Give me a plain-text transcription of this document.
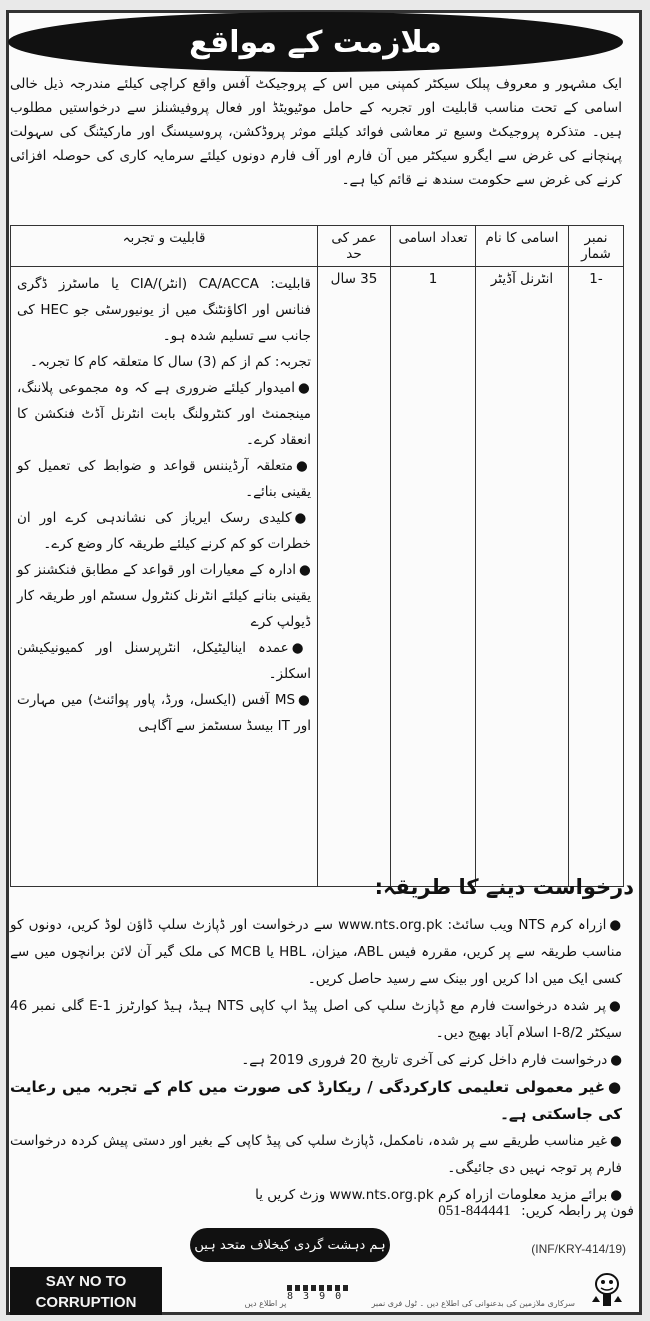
ملازمت کے مواقع
ایک مشہور و معروف پبلک سیکٹر کمپنی میں اس کے پروجیکٹ آفس واقع کراچی کیلئے مندرجہ ذیل خالی اسامی کے تحت مناسب قابلیت اور تجربہ کے حامل موٹیویٹڈ اور فعال پروفیشنلز سے درخواستیں مطلوب ہیں۔ متذکرہ پروجیکٹ وسیع تر معاشی فوائد کیلئے موثر پروڈکشن، پروسیسنگ اور مارکیٹنگ کی سہولت پہنچانے کی غرض سے ایگرو سیکٹر میں آن فارم اور آف فارم دونوں کیلئے سرمایہ کاری کی حوصلہ افزائی کرنے کی غرض سے حکومت سندھ نے قائم کیا ہے۔
نمبر شمار	اسامی کا نام	تعداد اسامی	عمر کی حد	قابلیت و تجربہ
-1	انٹرنل آڈیٹر	1	35 سال	

قابلیت: CA/ACCA (انٹر)/CIA یا ماسٹرز ڈگری فنانس اور اکاؤنٹنگ میں از یونیورسٹی جو HEC کی جانب سے تسلیم شدہ ہو۔

تجربہ: کم از کم (3) سال کا متعلقہ کام کا تجربہ۔

● امیدوار کیلئے ضروری ہے کہ وہ مجموعی پلاننگ، مینجمنٹ اور کنٹرولنگ بابت انٹرنل آڈٹ فنکشن کا انعقاد کرے۔

● متعلقہ آرڈیننس قواعد و ضوابط کی تعمیل کو یقینی بنائے۔

● کلیدی رسک ایریاز کی نشاندہی کرے اور ان خطرات کو کم کرنے کیلئے طریقہ کار وضع کرے۔

● ادارہ کے معیارات اور قواعد کے مطابق فنکشنز کو یقینی بنانے کیلئے انٹرنل کنٹرول سسٹم اور طریقہ کار ڈیولپ کرے

● عمدہ اینالیٹیکل، انٹرپرسنل اور کمیونیکیشن اسکلز۔

● MS آفس (ایکسل، ورڈ، پاور پوائنٹ) میں مہارت اور IT بیسڈ سسٹمز سے آگاہی

درخواست دینے کا طریقہ:

● ازراہ کرم NTS ویب سائٹ: www.nts.org.pk سے درخواست اور ڈپازٹ سلپ ڈاؤن لوڈ کریں، دونوں کو مناسب طریقہ سے پر کریں، مقررہ فیس ABL، میزان، HBL یا MCB کی ملک گیر آن لائن برانچوں میں سے کسی ایک میں ادا کریں اور بینک سے رسید حاصل کریں۔

● پر شدہ درخواست فارم مع ڈپازٹ سلپ کی اصل پیڈ اپ کاپی NTS ہیڈ، ہیڈ کوارٹرز E-1 گلی نمبر 46 سیکٹر I-8/2 اسلام آباد بھیج دیں۔

● درخواست فارم داخل کرنے کی آخری تاریخ 20 فروری 2019 ہے۔

● غیر معمولی تعلیمی کارکردگی / ریکارڈ کی صورت میں کام کے تجربہ میں رعایت کی جاسکتی ہے۔

● غیر مناسب طریقے سے پر شدہ، نامکمل، ڈپازٹ سلپ کی پیڈ کاپی کے بغیر اور دستی پیش کردہ درخواست فارم پر توجہ نہیں دی جائیگی۔

● برائے مزید معلومات ازراہ کرم www.nts.org.pk وزٹ کریں یا

فون پر رابطہ کریں: 051-844441
ہم دہشت گردی کیخلاف متحد ہیں	(INF/KRY-414/19)
SAY NO TO
CORRUPTION	8 3 9 0
سرکاری ملازمین کی بدعنوانی کی اطلاع دیں ۔ ٹول فری نمبر  پر اطلاع دیں
